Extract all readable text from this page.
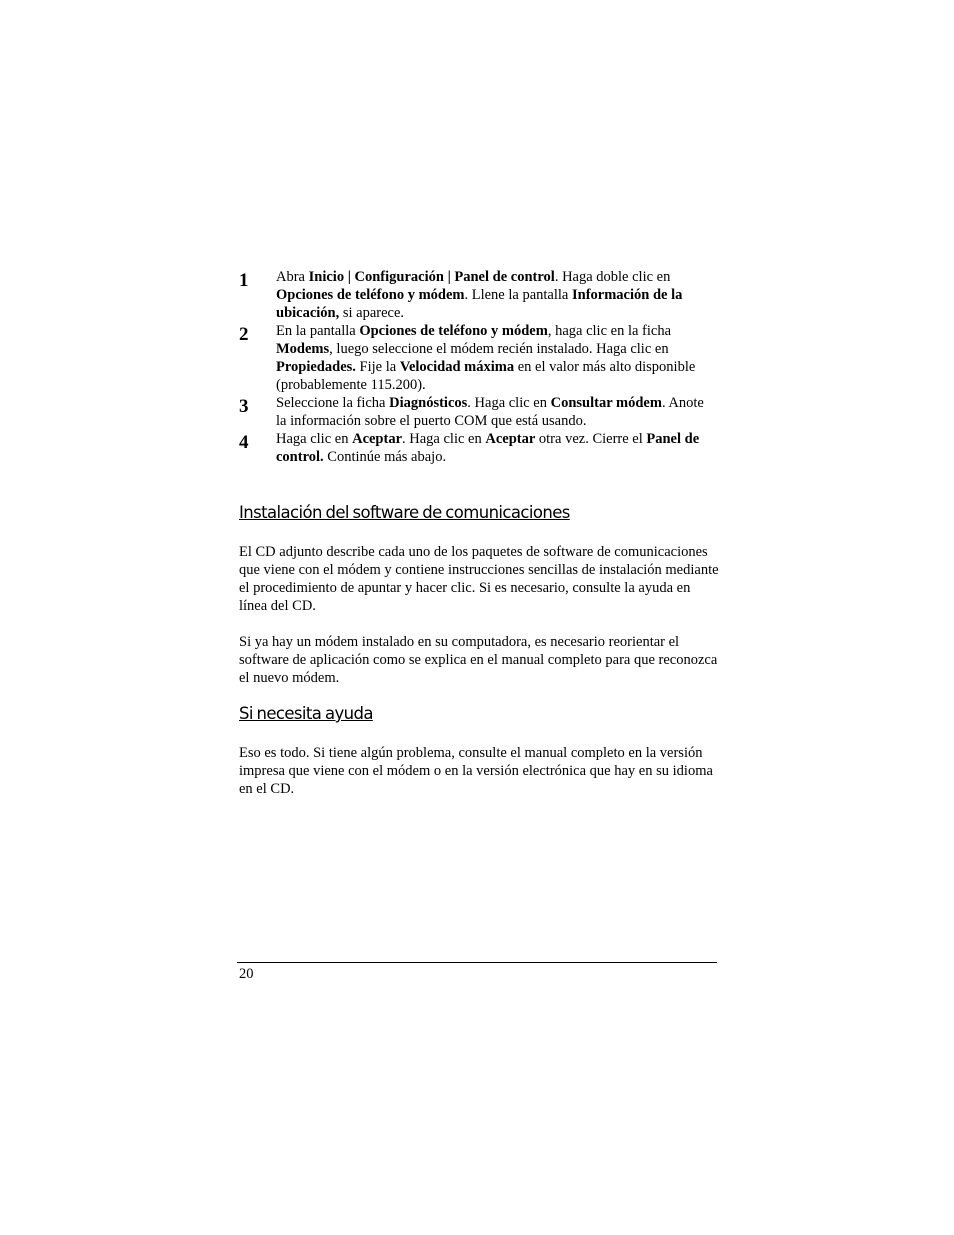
1 Abra Inicio | Configuración | Panel de control. Haga doble clic en Opciones de teléfono y módem. Llene la pantalla Información de la ubicación, si aparece.
2 En la pantalla Opciones de teléfono y módem, haga clic en la ficha Modems, luego seleccione el módem recién instalado. Haga clic en Propiedades. Fije la Velocidad máxima en el valor más alto disponible (probablemente 115.200).
3 Seleccione la ficha Diagnósticos. Haga clic en Consultar módem. Anote la información sobre el puerto COM que está usando.
4 Haga clic en Aceptar. Haga clic en Aceptar otra vez. Cierre el Panel de control. Continúe más abajo.
Instalación del software de comunicaciones

El CD adjunto describe cada uno de los paquetes de software de comunicaciones que viene con el módem y contiene instrucciones sencillas de instalación mediante el procedimiento de apuntar y hacer clic. Si es necesario, consulte la ayuda en línea del CD.

Si ya hay un módem instalado en su computadora, es necesario reorientar el software de aplicación como se explica en el manual completo para que reconozca el nuevo módem.

Si necesita ayuda

Eso es todo. Si tiene algún problema, consulte el manual completo en la versión impresa que viene con el módem o en la versión electrónica que hay en su idioma en el CD.

20
